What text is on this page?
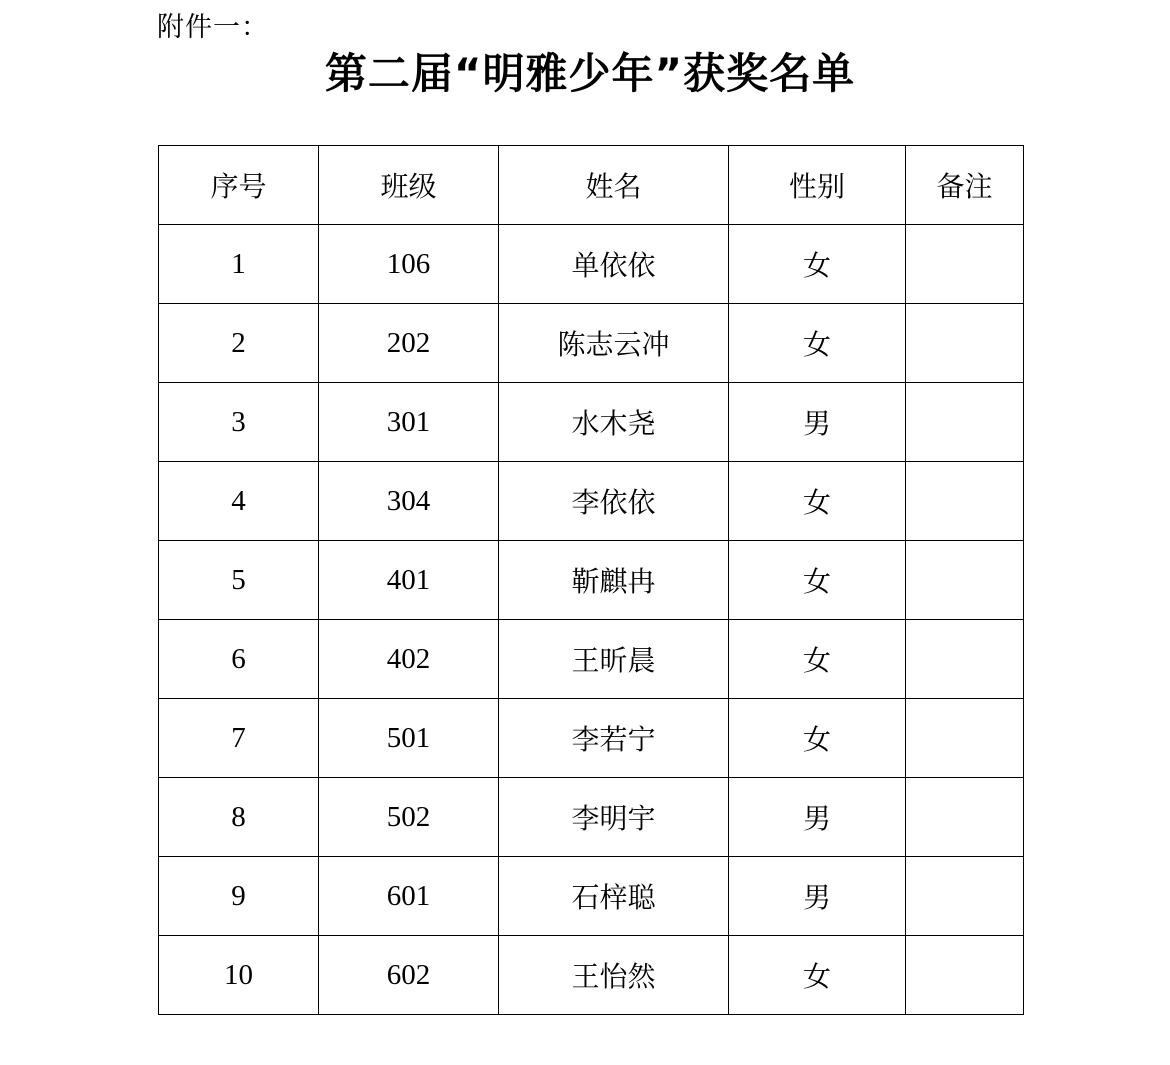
附件一：
第二届“明雅少年”获奖名单
序号	班级	姓名	性别	备注
1	106	单依依	女	
2	202	陈志云冲	女	
3	301	水木尧	男	
4	304	李依依	女	
5	401	靳麒冉	女	
6	402	王昕晨	女	
7	501	李若宁	女	
8	502	李明宇	男	
9	601	石梓聪	男	
10	602	王怡然	女	
